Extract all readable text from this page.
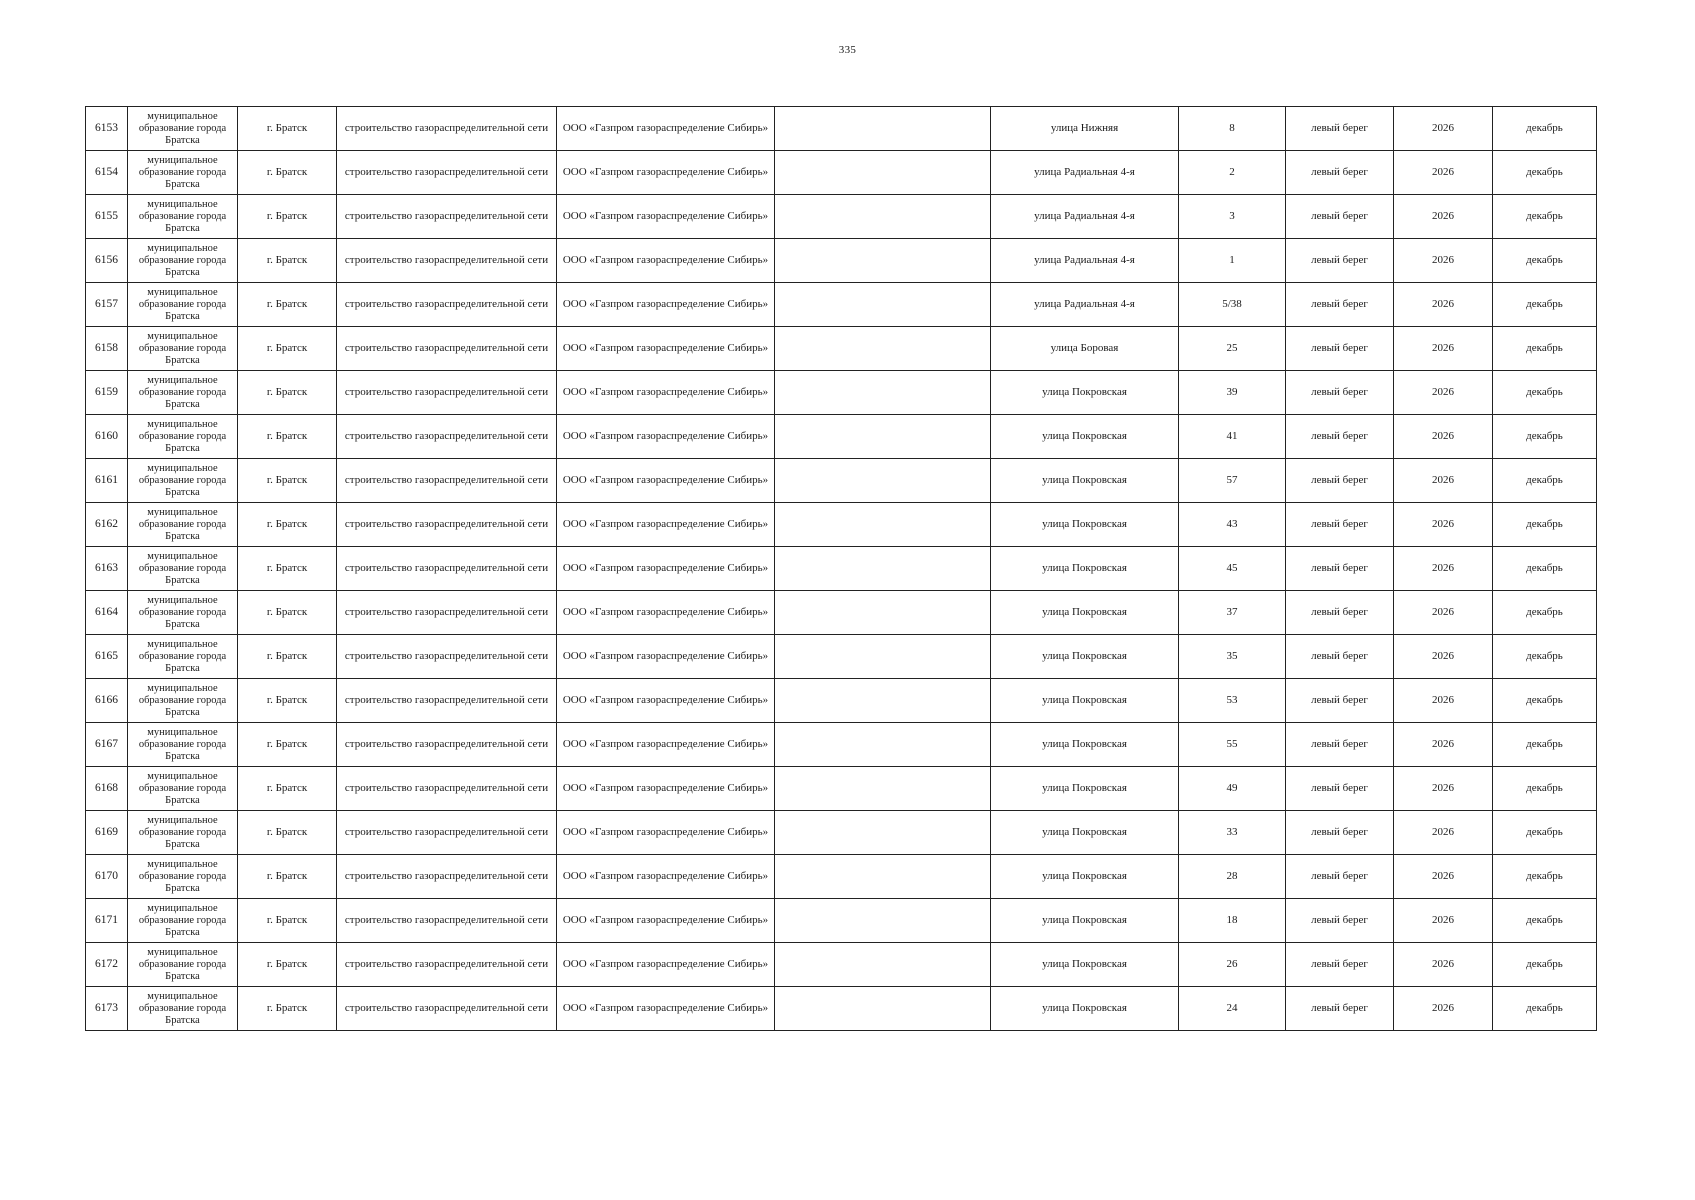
335
6153	муниципальное образование города Братска	г. Братск	строительство газораспределительной сети	ООО «Газпром газораспределение Сибирь»		улица Нижняя	8	левый берег	2026	декабрь
6154	муниципальное образование города Братска	г. Братск	строительство газораспределительной сети	ООО «Газпром газораспределение Сибирь»		улица Радиальная 4-я	2	левый берег	2026	декабрь
6155	муниципальное образование города Братска	г. Братск	строительство газораспределительной сети	ООО «Газпром газораспределение Сибирь»		улица Радиальная 4-я	3	левый берег	2026	декабрь
6156	муниципальное образование города Братска	г. Братск	строительство газораспределительной сети	ООО «Газпром газораспределение Сибирь»		улица Радиальная 4-я	1	левый берег	2026	декабрь
6157	муниципальное образование города Братска	г. Братск	строительство газораспределительной сети	ООО «Газпром газораспределение Сибирь»		улица Радиальная 4-я	5/38	левый берег	2026	декабрь
6158	муниципальное образование города Братска	г. Братск	строительство газораспределительной сети	ООО «Газпром газораспределение Сибирь»		улица Боровая	25	левый берег	2026	декабрь
6159	муниципальное образование города Братска	г. Братск	строительство газораспределительной сети	ООО «Газпром газораспределение Сибирь»		улица Покровская	39	левый берег	2026	декабрь
6160	муниципальное образование города Братска	г. Братск	строительство газораспределительной сети	ООО «Газпром газораспределение Сибирь»		улица Покровская	41	левый берег	2026	декабрь
6161	муниципальное образование города Братска	г. Братск	строительство газораспределительной сети	ООО «Газпром газораспределение Сибирь»		улица Покровская	57	левый берег	2026	декабрь
6162	муниципальное образование города Братска	г. Братск	строительство газораспределительной сети	ООО «Газпром газораспределение Сибирь»		улица Покровская	43	левый берег	2026	декабрь
6163	муниципальное образование города Братска	г. Братск	строительство газораспределительной сети	ООО «Газпром газораспределение Сибирь»		улица Покровская	45	левый берег	2026	декабрь
6164	муниципальное образование города Братска	г. Братск	строительство газораспределительной сети	ООО «Газпром газораспределение Сибирь»		улица Покровская	37	левый берег	2026	декабрь
6165	муниципальное образование города Братска	г. Братск	строительство газораспределительной сети	ООО «Газпром газораспределение Сибирь»		улица Покровская	35	левый берег	2026	декабрь
6166	муниципальное образование города Братска	г. Братск	строительство газораспределительной сети	ООО «Газпром газораспределение Сибирь»		улица Покровская	53	левый берег	2026	декабрь
6167	муниципальное образование города Братска	г. Братск	строительство газораспределительной сети	ООО «Газпром газораспределение Сибирь»		улица Покровская	55	левый берег	2026	декабрь
6168	муниципальное образование города Братска	г. Братск	строительство газораспределительной сети	ООО «Газпром газораспределение Сибирь»		улица Покровская	49	левый берег	2026	декабрь
6169	муниципальное образование города Братска	г. Братск	строительство газораспределительной сети	ООО «Газпром газораспределение Сибирь»		улица Покровская	33	левый берег	2026	декабрь
6170	муниципальное образование города Братска	г. Братск	строительство газораспределительной сети	ООО «Газпром газораспределение Сибирь»		улица Покровская	28	левый берег	2026	декабрь
6171	муниципальное образование города Братска	г. Братск	строительство газораспределительной сети	ООО «Газпром газораспределение Сибирь»		улица Покровская	18	левый берег	2026	декабрь
6172	муниципальное образование города Братска	г. Братск	строительство газораспределительной сети	ООО «Газпром газораспределение Сибирь»		улица Покровская	26	левый берег	2026	декабрь
6173	муниципальное образование города Братска	г. Братск	строительство газораспределительной сети	ООО «Газпром газораспределение Сибирь»		улица Покровская	24	левый берег	2026	декабрь
